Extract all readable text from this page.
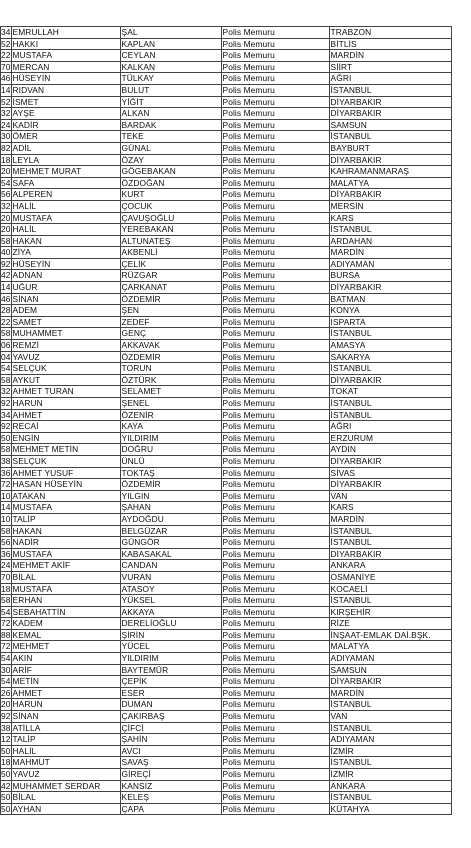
34	EMRULLAH	ŞAL	Polis Memuru	TRABZON
52	HAKKI	KAPLAN	Polis Memuru	BİTLİS
22	MUSTAFA	CEYLAN	Polis Memuru	MARDİN
70	MERCAN	KALKAN	Polis Memuru	SİİRT
46	HÜSEYİN	TÜLKAY	Polis Memuru	AĞRI
14	RIDVAN	BULUT	Polis Memuru	İSTANBUL
52	İSMET	YİĞİT	Polis Memuru	DİYARBAKIR
32	AYŞE	ALKAN	Polis Memuru	DİYARBAKIR
24	KADİR	BARDAK	Polis Memuru	SAMSUN
30	ÖMER	TEKE	Polis Memuru	İSTANBUL
82	ADİL	GÜNAL	Polis Memuru	BAYBURT
18	LEYLA	ÖZAY	Polis Memuru	DİYARBAKIR
20	MEHMET MURAT	GÖGEBAKAN	Polis Memuru	KAHRAMANMARAŞ
54	SAFA	ÖZDOĞAN	Polis Memuru	MALATYA
56	ALPEREN	KURT	Polis Memuru	DİYARBAKIR
32	HALİL	ÇOCUK	Polis Memuru	MERSİN
20	MUSTAFA	ÇAVUŞOĞLU	Polis Memuru	KARS
20	HALİL	YEREBAKAN	Polis Memuru	İSTANBUL
58	HAKAN	ALTUNATEŞ	Polis Memuru	ARDAHAN
40	ZİYA	AKBENLİ	Polis Memuru	MARDİN
92	HÜSEYİN	ÇELİK	Polis Memuru	ADIYAMAN
42	ADNAN	RÜZGAR	Polis Memuru	BURSA
14	UĞUR	ÇARKANAT	Polis Memuru	DİYARBAKIR
46	SİNAN	ÖZDEMİR	Polis Memuru	BATMAN
28	ADEM	ŞEN	Polis Memuru	KONYA
22	SAMET	ZEDEF	Polis Memuru	ISPARTA
58	MUHAMMET	GENÇ	Polis Memuru	İSTANBUL
06	REMZİ	AKKAVAK	Polis Memuru	AMASYA
04	YAVUZ	ÖZDEMİR	Polis Memuru	SAKARYA
54	SELÇUK	TORUN	Polis Memuru	İSTANBUL
58	AYKUT	ÖZTÜRK	Polis Memuru	DİYARBAKIR
32	AHMET TURAN	SELAMET	Polis Memuru	TOKAT
92	HARUN	ŞENEL	Polis Memuru	İSTANBUL
34	AHMET	ÖZENİR	Polis Memuru	İSTANBUL
92	RECAİ	KAYA	Polis Memuru	AĞRI
50	ENGİN	YILDIRIM	Polis Memuru	ERZURUM
58	MEHMET METİN	DOĞRU	Polis Memuru	AYDIN
38	SELÇUK	ÜNLÜ	Polis Memuru	DİYARBAKIR
36	AHMET YUSUF	TOKTAŞ	Polis Memuru	SİVAS
72	HASAN HÜSEYİN	ÖZDEMİR	Polis Memuru	DİYARBAKIR
10	ATAKAN	YILGIN	Polis Memuru	VAN
14	MUSTAFA	ŞAHAN	Polis Memuru	KARS
10	TALİP	AYDOĞDU	Polis Memuru	MARDİN
58	HAKAN	BELGÜZAR	Polis Memuru	İSTANBUL
56	NADİR	GÜNGÖR	Polis Memuru	İSTANBUL
36	MUSTAFA	KABASAKAL	Polis Memuru	DİYARBAKIR
24	MEHMET AKİF	CANDAN	Polis Memuru	ANKARA
70	BİLAL	VURAN	Polis Memuru	OSMANİYE
18	MUSTAFA	ATASOY	Polis Memuru	KOCAELİ
58	ERHAN	YÜKSEL	Polis Memuru	İSTANBUL
54	SEBAHATTİN	AKKAYA	Polis Memuru	KIRŞEHİR
72	KADEM	DERELİOĞLU	Polis Memuru	RİZE
88	KEMAL	ŞİRİN	Polis Memuru	İNŞAAT-EMLAK DAİ.BŞK.
72	MEHMET	YÜCEL	Polis Memuru	MALATYA
54	AKIN	YILDIRIM	Polis Memuru	ADIYAMAN
30	ARİF	BAYTEMÜR	Polis Memuru	SAMSUN
54	METİN	ÇEPİK	Polis Memuru	DİYARBAKIR
26	AHMET	ESER	Polis Memuru	MARDİN
20	HARUN	DUMAN	Polis Memuru	İSTANBUL
92	SİNAN	ÇAKIRBAŞ	Polis Memuru	VAN
38	ATİLLA	ÇİFCİ	Polis Memuru	İSTANBUL
12	TALİP	ŞAHİN	Polis Memuru	ADIYAMAN
50	HALİL	AVCI	Polis Memuru	İZMİR
18	MAHMUT	SAVAŞ	Polis Memuru	İSTANBUL
50	YAVUZ	GİREÇİ	Polis Memuru	İZMİR
42	MUHAMMET SERDAR	KANSIZ	Polis Memuru	ANKARA
50	BİLAL	KELEŞ	Polis Memuru	İSTANBUL
50	AYHAN	ÇAPA	Polis Memuru	KÜTAHYA
